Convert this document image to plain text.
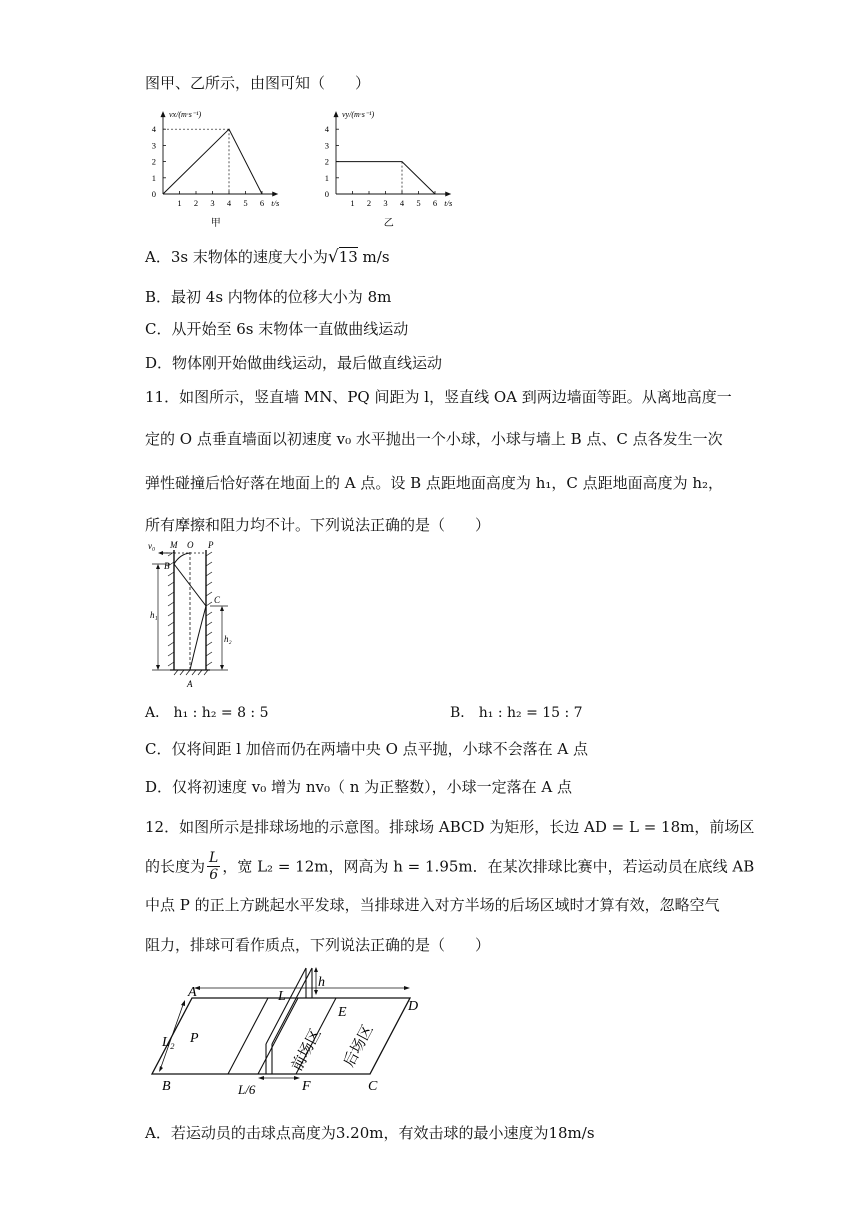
图甲、乙所示，由图可知（　　）
0
1
2
3
4
1 2 3 4 5 6
vx/(m·s⁻¹)
t/s
甲
0
1
2
3
4
1 2 3 4 5 6
vy/(m·s⁻¹)
t/s
乙
A．3s 末物体的速度大小为√13 m/s
B．最初 4s 内物体的位移大小为 8m
C．从开始至 6s 末物体一直做曲线运动
D．物体刚开始做曲线运动，最后做直线运动
11．如图所示，竖直墙 MN、PQ 间距为 l，竖直线 OA 到两边墙面等距。从离地高度一
定的 O 点垂直墙面以初速度 v₀ 水平抛出一个小球，小球与墙上 B 点、C 点各发生一次
弹性碰撞后恰好落在地面上的 A 点。设 B 点距地面高度为 h₁，C 点距地面高度为 h₂，
所有摩擦和阻力均不计。下列说法正确的是（　　）
v₀ M O P
B
C
A
h₁
h₂
A． h₁ : h₂ = 8 : 5	B． h₁ : h₂ = 15 : 7
C．仅将间距 l 加倍而仍在两墙中央 O 点平抛，小球不会落在 A 点
D．仅将初速度 v₀ 增为 nv₀（ n 为正整数），小球一定落在 A 点
12．如图所示是排球场地的示意图。排球场 ABCD 为矩形，长边 AD = L = 18m，前场区
的长度为 $\frac{L}{6}$ ，宽 L₂ = 12m，网高为 h = 1.95m．在某次排球比赛中，若运动员在底线 AB
中点 P 的正上方跳起水平发球，当排球进入对方半场的后场区域时才算有效，忽略空气
阻力，排球可看作质点，下列说法正确的是（　　）
A
D
B	C
E
F
P
L
h
L₂
L/6
前场区 后场区
A．若运动员的击球点高度为3.20m，有效击球的最小速度为18m/s
